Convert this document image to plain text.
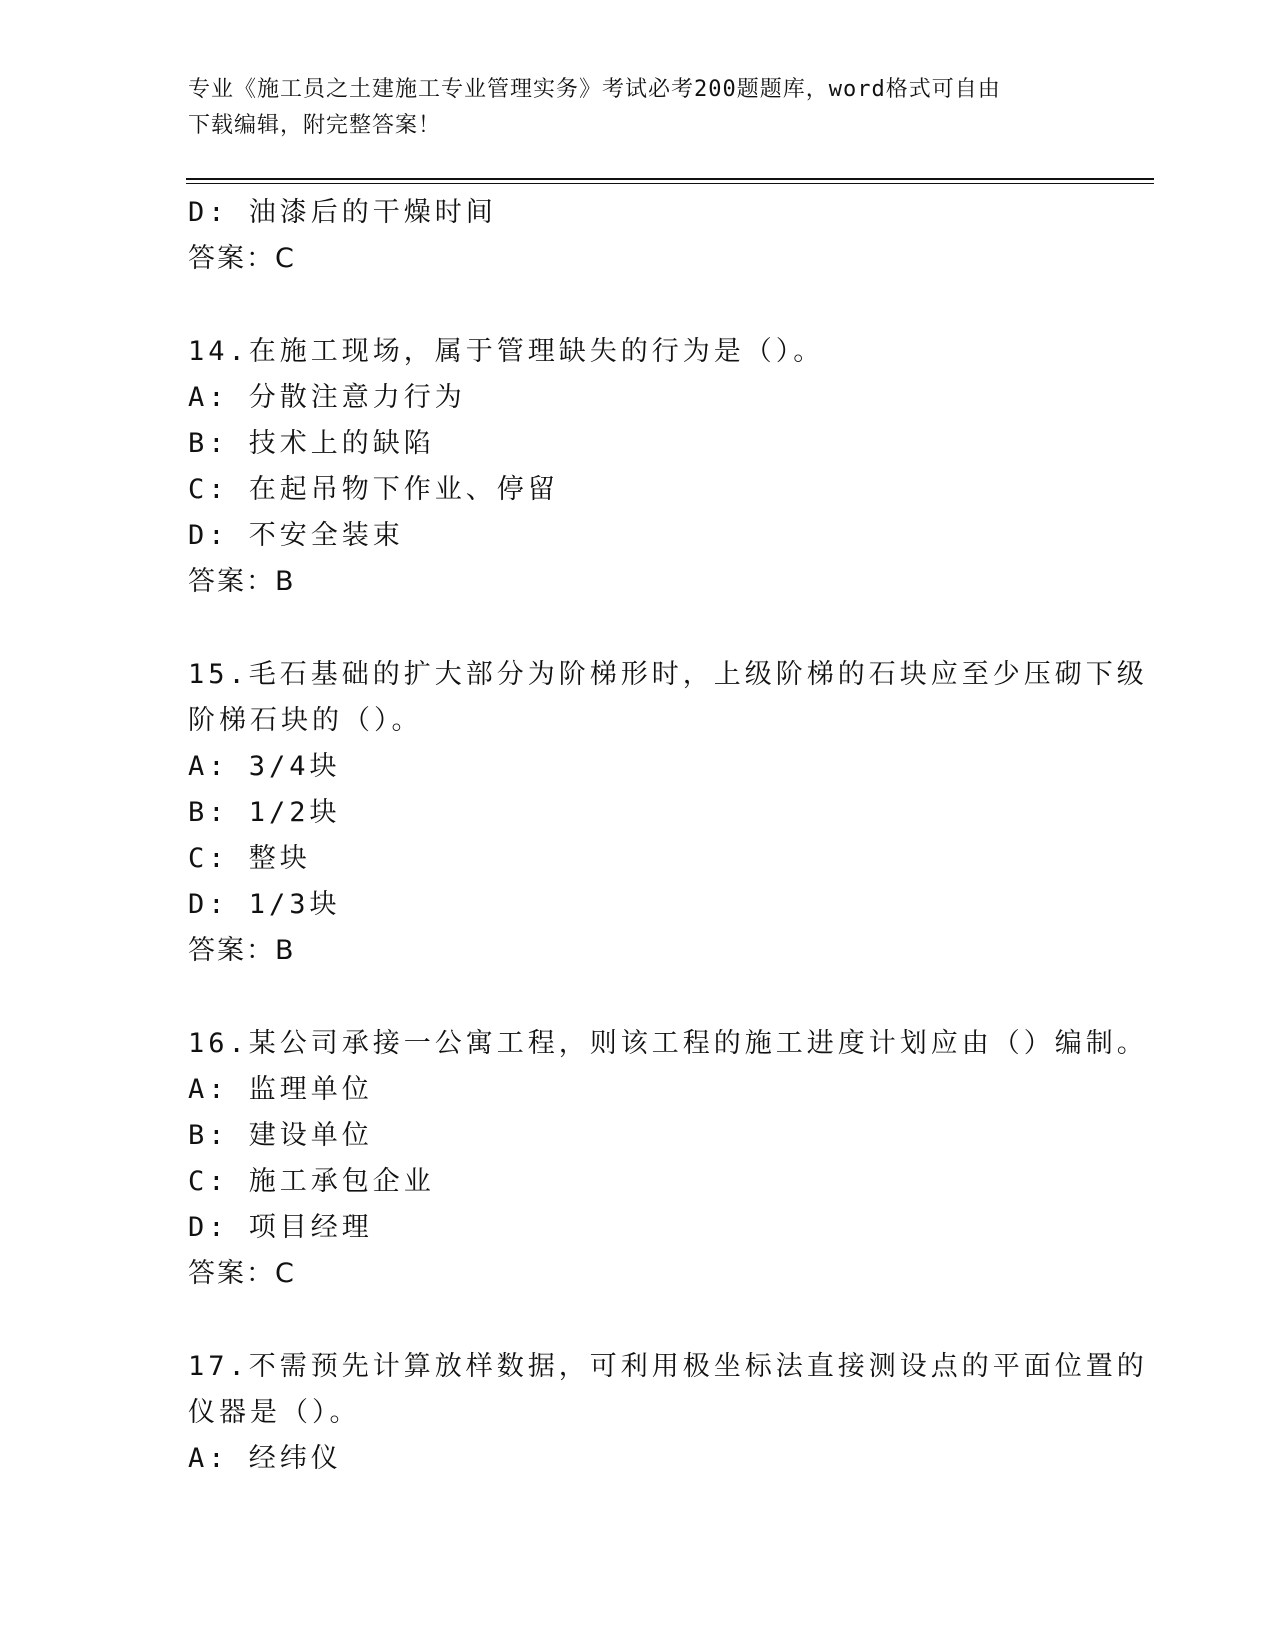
专业《施工员之土建施工专业管理实务》考试必考200题题库，word格式可自由
下载编辑，附完整答案！
D: 油漆后的干燥时间
答案：C
14.在施工现场，属于管理缺失的行为是（）。
A: 分散注意力行为
B: 技术上的缺陷
C: 在起吊物下作业、停留
D: 不安全装束
答案：B
15.毛石基础的扩大部分为阶梯形时，上级阶梯的石块应至少压砌下级
阶梯石块的（）。
A: 3/4块
B: 1/2块
C: 整块
D: 1/3块
答案：B
16.某公司承接一公寓工程，则该工程的施工进度计划应由（）编制。
A: 监理单位
B: 建设单位
C: 施工承包企业
D: 项目经理
答案：C
17.不需预先计算放样数据，可利用极坐标法直接测设点的平面位置的
仪器是（）。
A: 经纬仪
